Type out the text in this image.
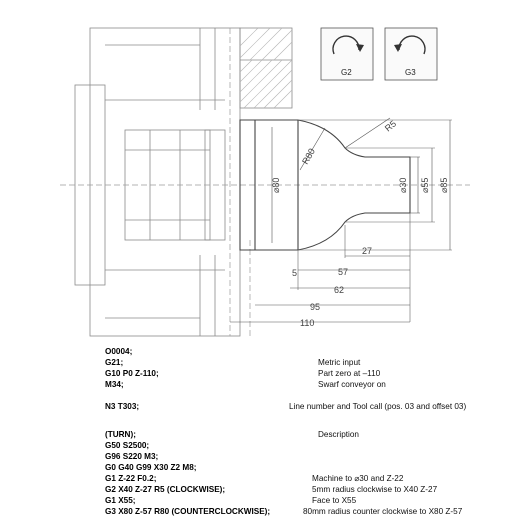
R5
R80
⌀80	⌀30 ⌀55 ⌀85
27
5	57
62
95
110
G2	G3
O0004;
G21;	Metric input
G10 P0 Z-110;	Part zero at –110
M34;	Swarf conveyor on
N3 T303;	Line number and Tool call (pos. 03 and offset 03)
(TURN);	Description
G50 S2500;
G96 S220 M3;
G0 G40 G99 X30 Z2 M8;
G1 Z-22 F0.2;	Machine to ⌀30 and Z-22
G2 X40 Z-27 R5 (CLOCKWISE);	5mm radius clockwise to X40 Z-27
G1 X55;	Face to X55
G3 X80 Z-57 R80 (COUNTERCLOCKWISE);	80mm radius counter clockwise to X80 Z-57
